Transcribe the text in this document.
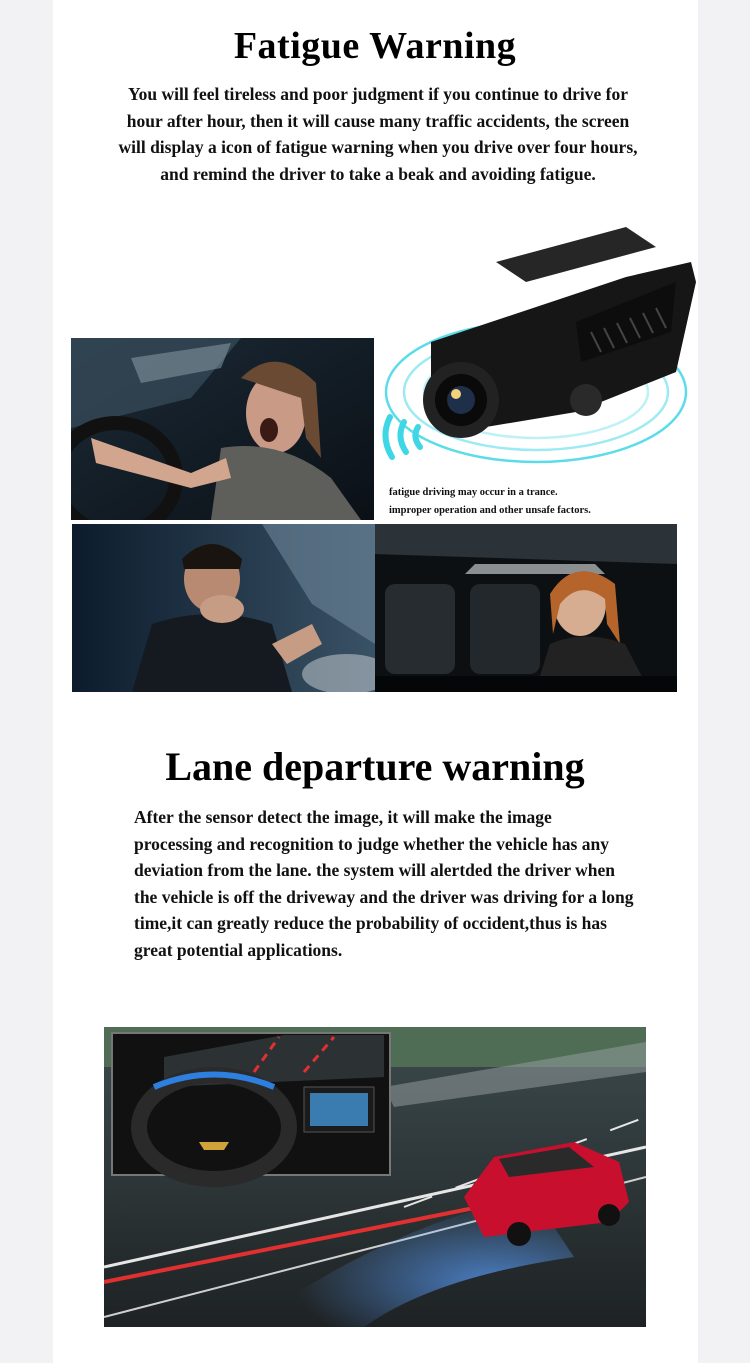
Fatigue Warning

You will feel tireless and poor judgment if you continue to drive for hour after hour, then it will cause many traffic accidents, the screen will display a icon of fatigue warning when you drive over four hours, and remind the driver to take a beak and avoiding fatigue.

fatigue driving may occur in a trance.

improper operation and other unsafe factors.

Lane departure warning

After the sensor detect the image, it will make the image processing and recognition to judge whether the vehicle has any deviation from the lane. the system will alertded the driver when the vehicle is off the driveway and the driver was driving for a long time,it can greatly reduce the probability of occident,thus is has great potential applications.
